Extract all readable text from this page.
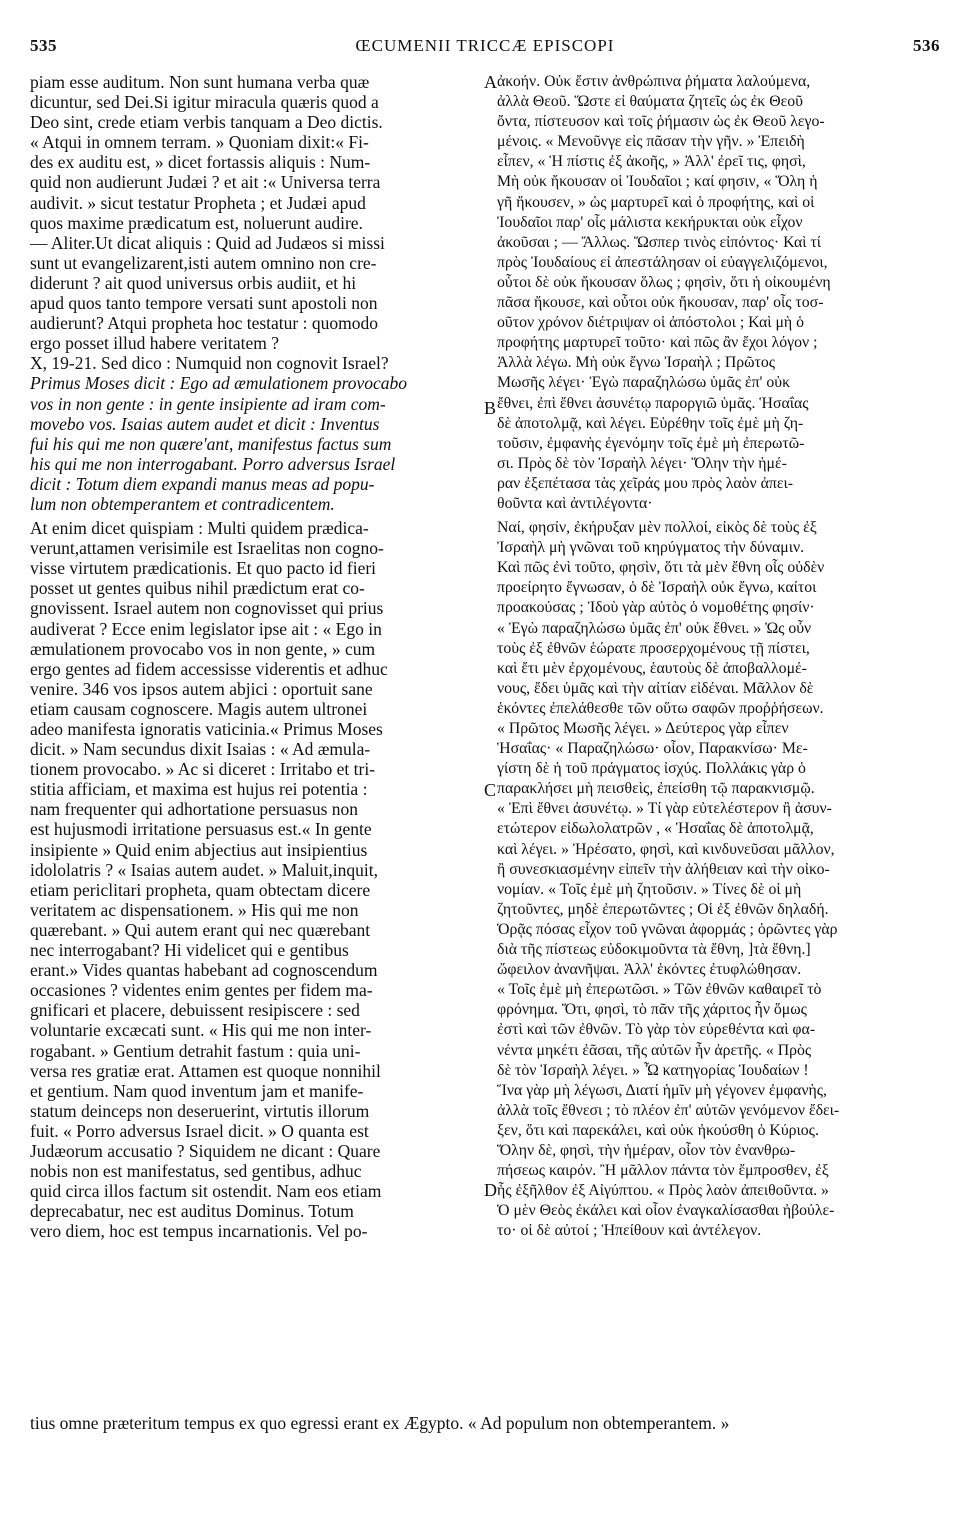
535	ŒCUMENII TRICCÆ EPISCOPI	536

piam esse auditum. Non sunt humana verba quæ

dicuntur, sed Dei.Si igitur miracula quæris quod a

Deo sint, crede etiam verbis tanquam a Deo dictis.

« Atqui in omnem terram. » Quoniam dixit:« Fi-

des ex auditu est, » dicet fortassis aliquis : Num-

quid non audierunt Judæi ? et ait :« Universa terra

audivit. » sicut testatur Propheta ; et Judæi apud

quos maxime prædicatum est, noluerunt audire.

— Aliter.Ut dicat aliquis : Quid ad Judæos si missi

sunt ut evangelizarent,isti autem omnino non cre-

diderunt ? ait quod universus orbis audiit, et hi

apud quos tanto tempore versati sunt apostoli non

audierunt? Atqui propheta hoc testatur : quomodo

ergo posset illud habere veritatem ?

X, 19-21. Sed dico : Numquid non cognovit Israel?

Primus Moses dicit : Ego ad æmulationem provocabo

vos in non gente : in gente insipiente ad iram com-

movebo vos. Isaias autem audet et dicit : Inventus

fui his qui me non quære'ant, manifestus factus sum

his qui me non interrogabant. Porro adversus Israel

dicit : Totum diem expandi manus meas ad popu-

lum non obtemperantem et contradicentem.

At enim dicet quispiam : Multi quidem prædica-

verunt,attamen verisimile est Israelitas non cogno-

visse virtutem prædicationis. Et quo pacto id fieri

posset ut gentes quibus nihil prædictum erat co-

gnovissent. Israel autem non cognovisset qui prius

audiverat ? Ecce enim legislator ipse ait : « Ego in

æmulationem provocabo vos in non gente, » cum

ergo gentes ad fidem accessisse viderentis et adhuc

venire. 346 vos ipsos autem abjici : oportuit sane

etiam causam cognoscere. Magis autem ultronei

adeo manifesta ignoratis vaticinia.« Primus Moses

dicit. » Nam secundus dixit Isaias : « Ad æmula-

tionem provocabo. » Ac si diceret : Irritabo et tri-

stitia afficiam, et maxima est hujus rei potentia :

nam frequenter qui adhortatione persuasus non

est hujusmodi irritatione persuasus est.« In gente

insipiente » Quid enim abjectius aut insipientius

idololatris ? « Isaias autem audet. » Maluit,inquit,

etiam periclitari propheta, quam obtectam dicere

veritatem ac dispensationem. » His qui me non

quærebant. » Qui autem erant qui nec quærebant

nec interrogabant? Hi videlicet qui e gentibus

erant.» Vides quantas habebant ad cognoscendum

occasiones ? videntes enim gentes per fidem ma-

gnificari et placere, debuissent resipiscere : sed

voluntarie excæcati sunt. « His qui me non inter-

rogabant. » Gentium detrahit fastum : quia uni-

versa res gratiæ erat. Attamen est quoque nonnihil

et gentium. Nam quod inventum jam et manife-

statum deinceps non deseruerint, virtutis illorum

fuit. « Porro adversus Israel dicit. » O quanta est

Judæorum accusatio ? Siquidem ne dicant : Quare

nobis non est manifestatus, sed gentibus, adhuc

quid circa illos factum sit ostendit. Nam eos etiam

deprecabatur, nec est auditus Dominus. Totum

vero diem, hoc est tempus incarnationis. Vel po-

A
B
C
D

ἀκοήν. Οὐκ ἔστιν ἀνθρώπινα ῥήματα λαλούμενα,

ἀλλὰ Θεοῦ. Ὥστε εἰ θαύματα ζητεῖς ὡς ἐκ Θεοῦ

ὄντα, πίστευσον καὶ τοῖς ῥήμασιν ὡς ἐκ Θεοῦ λεγο-

μένοις. « Μενοῦνγε εἰς πᾶσαν τὴν γῆν. » Ἐπειδὴ

εἶπεν, « Ἡ πίστις ἐξ ἀκοῆς, » Ἀλλ' ἐρεῖ τις, φησὶ,

Μὴ οὐκ ἤκουσαν οἱ Ἰουδαῖοι ; καί φησιν, « Ὅλη ἡ

γῆ ἤκουσεν, » ὡς μαρτυρεῖ καὶ ὁ προφήτης, καὶ οἱ

Ἰουδαῖοι παρ' οἷς μάλιστα κεκήρυκται οὐκ εἶχον

ἀκοῦσαι ; — Ἄλλως. Ὥσπερ τινὸς εἰπόντος· Καὶ τί

πρὸς Ἰουδαίους εἰ ἀπεστάλησαν οἱ εὐαγγελιζόμενοι,

οὗτοι δὲ οὐκ ἤκουσαν ὅλως ; φησὶν, ὅτι ἡ οἰκουμένη

πᾶσα ἤκουσε, καὶ οὗτοι οὐκ ἤκουσαν, παρ' οἷς τοσ-

οῦτον χρόνον διέτριψαν οἱ ἀπόστολοι ; Καὶ μὴ ὁ

προφήτης μαρτυρεῖ τοῦτο· καὶ πῶς ἂν ἔχοι λόγον ;

Ἀλλὰ λέγω. Μὴ οὐκ ἔγνω Ἰσραὴλ ; Πρῶτος

Μωσῆς λέγει· Ἐγὼ παραζηλώσω ὑμᾶς ἐπ' οὐκ

ἔθνει, ἐπὶ ἔθνει ἀσυνέτῳ παροργιῶ ὑμᾶς. Ἡσαΐας

δὲ ἀποτολμᾷ, καὶ λέγει. Εὑρέθην τοῖς ἐμὲ μὴ ζη-

τοῦσιν, ἐμφανὴς ἐγενόμην τοῖς ἐμὲ μὴ ἐπερωτῶ-

σι. Πρὸς δὲ τὸν Ἰσραὴλ λέγει· Ὅλην τὴν ἡμέ-

ραν ἐξεπέτασα τὰς χεῖράς μου πρὸς λαὸν ἀπει-

θοῦντα καὶ ἀντιλέγοντα·

Ναί, φησίν, ἐκήρυξαν μὲν πολλοί, εἰκὸς δὲ τοὺς ἐξ

Ἰσραὴλ μὴ γνῶναι τοῦ κηρύγματος τὴν δύναμιν.

Καὶ πῶς ἐνὶ τοῦτο, φησὶν, ὅτι τὰ μὲν ἔθνη οἷς οὐδὲν

προείρητο ἔγνωσαν, ὁ δὲ Ἰσραὴλ οὐκ ἔγνω, καίτοι

προακούσας ; Ἰδοὺ γὰρ αὐτὸς ὁ νομοθέτης φησίν·

« Ἐγὼ παραζηλώσω ὑμᾶς ἐπ' οὐκ ἔθνει. » Ὡς οὖν

τοὺς ἐξ ἐθνῶν ἑώρατε προσερχομένους τῇ πίστει,

καὶ ἔτι μὲν ἐρχομένους, ἑαυτοὺς δὲ ἀποβαλλομέ-

νους, ἔδει ὑμᾶς καὶ τὴν αἰτίαν εἰδέναι. Μᾶλλον δὲ

ἑκόντες ἐπελάθεσθε τῶν οὕτω σαφῶν προῤῥήσεων.

« Πρῶτος Μωσῆς λέγει. » Δεύτερος γὰρ εἶπεν

Ἡσαΐας· « Παραζηλώσω· οἷον, Παρακνίσω· Με-

γίστη δὲ ἡ τοῦ πράγματος ἰσχύς. Πολλάκις γὰρ ὁ

παρακλήσει μὴ πεισθεὶς, ἐπείσθη τῷ παρακνισμῷ.

« Ἐπὶ ἔθνει ἀσυνέτῳ. » Τί γὰρ εὐτελέστερον ἢ ἀσυν-

ετώτερον εἰδωλολατρῶν , « Ἡσαΐας δὲ ἀποτολμᾷ,

καὶ λέγει. » Ἠρέσατο, φησὶ, καὶ κινδυνεῦσαι μᾶλλον,

ἢ συνεσκιασμένην εἰπεῖν τὴν ἀλήθειαν καὶ τὴν οἰκο-

νομίαν. « Τοῖς ἐμὲ μὴ ζητοῦσιν. » Τίνες δὲ οἱ μὴ

ζητοῦντες, μηδὲ ἐπερωτῶντες ; Οἱ ἐξ ἐθνῶν δηλαδή.

Ὁρᾷς πόσας εἶχον τοῦ γνῶναι ἀφορμάς ; ὁρῶντες γὰρ

διὰ τῆς πίστεως εὐδοκιμοῦντα τὰ ἔθνη, ]τὰ ἔθνη.]

ὤφειλον ἀνανῆψαι. Ἀλλ' ἑκόντες ἐτυφλώθησαν.

« Τοῖς ἐμὲ μὴ ἐπερωτῶσι. » Τῶν ἐθνῶν καθαιρεῖ τὸ

φρόνημα. Ὅτι, φησὶ, τὸ πᾶν τῆς χάριτος ἦν ὅμως

ἐστὶ καὶ τῶν ἐθνῶν. Τὸ γὰρ τὸν εὑρεθέντα καὶ φα-

νέντα μηκέτι ἐᾶσαι, τῆς αὐτῶν ἦν ἀρετῆς. « Πρὸς

δὲ τὸν Ἰσραὴλ λέγει. » Ὦ κατηγορίας Ἰουδαίων !

Ἵνα γὰρ μὴ λέγωσι, Διατί ἡμῖν μὴ γέγονεν ἐμφανὴς,

ἀλλὰ τοῖς ἔθνεσι ; τὸ πλέον ἐπ' αὐτῶν γενόμενον ἔδει-

ξεν, ὅτι καὶ παρεκάλει, καὶ οὐκ ἠκούσθη ὁ Κύριος.

Ὅλην δὲ, φησὶ, τὴν ἡμέραν, οἷον τὸν ἐνανθρω-

πήσεως καιρόν. Ἢ μᾶλλον πάντα τὸν ἔμπροσθεν, ἐξ

ἧς ἐξῆλθον ἐξ Αἰγύπτου. « Πρὸς λαὸν ἀπειθοῦντα. »

Ὁ μὲν Θεὸς ἐκάλει καὶ οἷον ἐναγκαλίσασθαι ἠβούλε-

το· οἱ δὲ αὐτοί ; Ἠπείθουν καὶ ἀντέλεγον.

tius omne præteritum tempus ex quo egressi erant ex Ægypto. « Ad populum non obtemperantem. »
